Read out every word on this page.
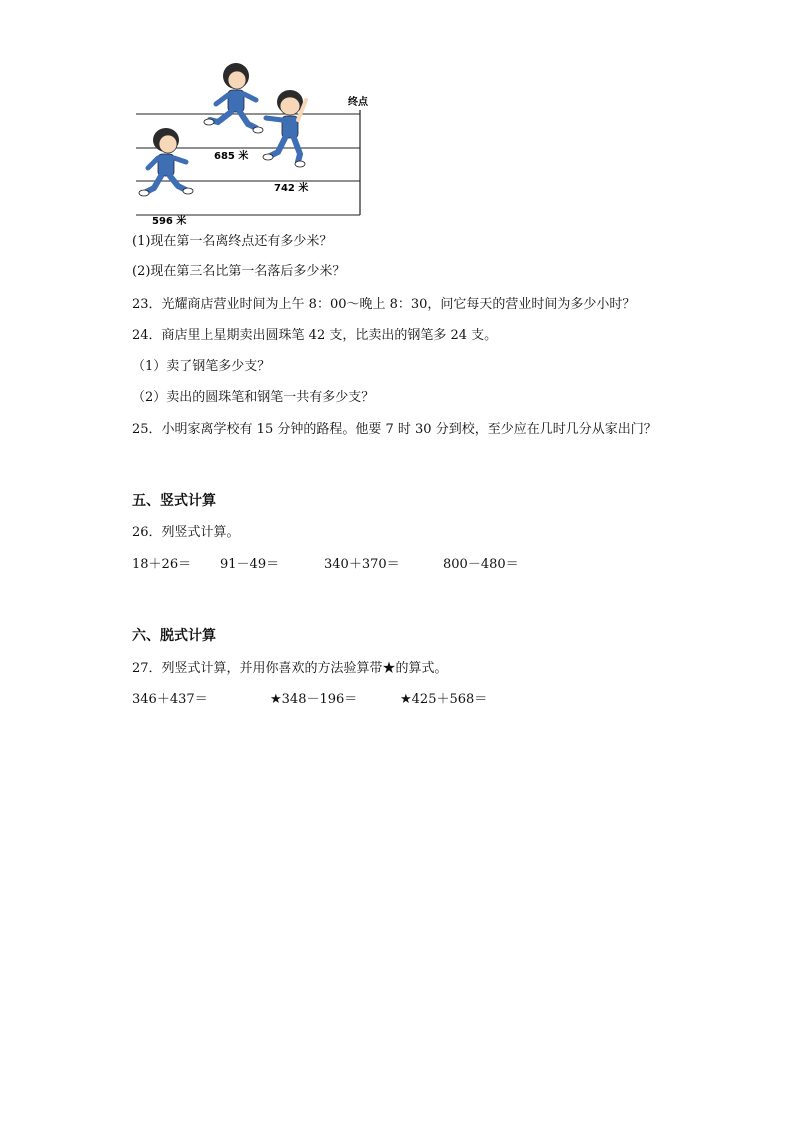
终点
685 米
742 米
596 米
(1)现在第一名离终点还有多少米？
(2)现在第三名比第一名落后多少米？
23．光耀商店营业时间为上午 8：00～晚上 8：30，问它每天的营业时间为多少小时？
24．商店里上星期卖出圆珠笔 42 支，比卖出的钢笔多 24 支。
（1）卖了钢笔多少支？
（2）卖出的圆珠笔和钢笔一共有多少支？
25．小明家离学校有 15 分钟的路程。他要 7 时 30 分到校，至少应在几时几分从家出门？
五、竖式计算
26．列竖式计算。
18＋26＝ 91－49＝	340＋370＝	800－480＝
六、脱式计算
27．列竖式计算，并用你喜欢的方法验算带★的算式。
346＋437＝	★348－196＝	★425＋568＝
